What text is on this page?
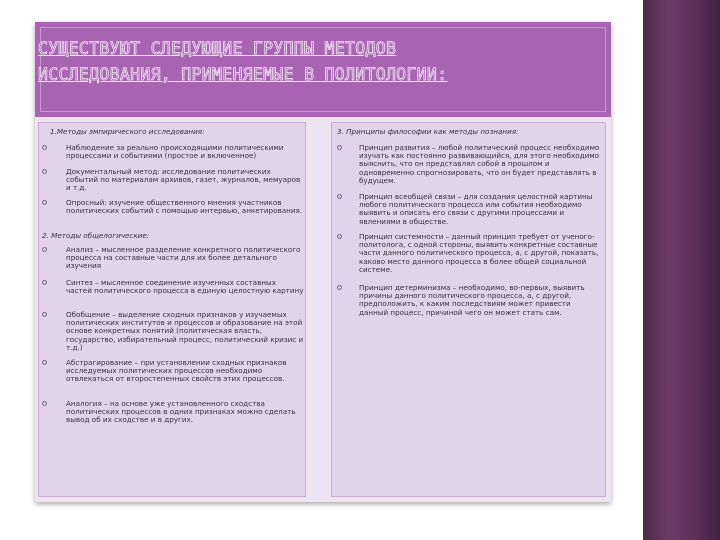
СУЩЕСТВУЮТ СЛЕДУЮЩИЕ ГРУППЫ МЕТОДОВ
ИССЛЕДОВАНИЯ, ПРИМЕНЯЕМЫЕ В ПОЛИТОЛОГИИ:
1.Методы эмпирического исследования:
Наблюдение за реально происходящими политическими процессами и событиями (простое и включенное)
Документальный метод: исследование политических событий по материалам архивов, газет, журналов, мемуаров и т.д.
Опросный: изучение общественного мнения участников политических событий с помощью интервью, анкетирования.
2. Методы общелогические:
Анализ – мысленное разделение конкретного политического процесса на составные части для их более детального изучения
Синтез – мысленное соединение изученных составных частей политического процесса в единую целостную картину
Обобщение – выделение сходных признаков у изучаемых политических институтов и процессов и образование на этой основе конкретных понятий (политическая власть, государство, избирательный процесс, политический кризис и т.д.)
Абстрагирование – при установлении сходных признаков исследуемых политических процессов необходимо отвлекаться от второстепенных свойств этих процессов.
Аналогия – на основе уже установленного сходства политических процессов в одних признаках можно сделать вывод об их сходстве и в других.
3. Принципы философии как методы познания:
Принцип развития – любой политический процесс необходимо изучать как постоянно развивающийся, для этого необходимо выяснить, что он представлял собой в прошлом и одновременно спрогнозировать, что он будет представлять в будущем.
Принцип всеобщей связи – для создания целостной картины любого политического процесса или события необходимо выявить и описать его связи с другими процессами и явлениями в обществе.
Принцип системности – данный принцип требует от ученого-политолога, с одной стороны, выявить конкретные составные части данного политического процесса, а, с другой, показать, каково место данного процесса в более общей социальной системе.
Принцип детерминизма – необходимо, во-первых, выявить причины данного политического процесса, а, с другой, предположить, к каким последствиям может привести данный процесс, причиной чего он может стать сам.
